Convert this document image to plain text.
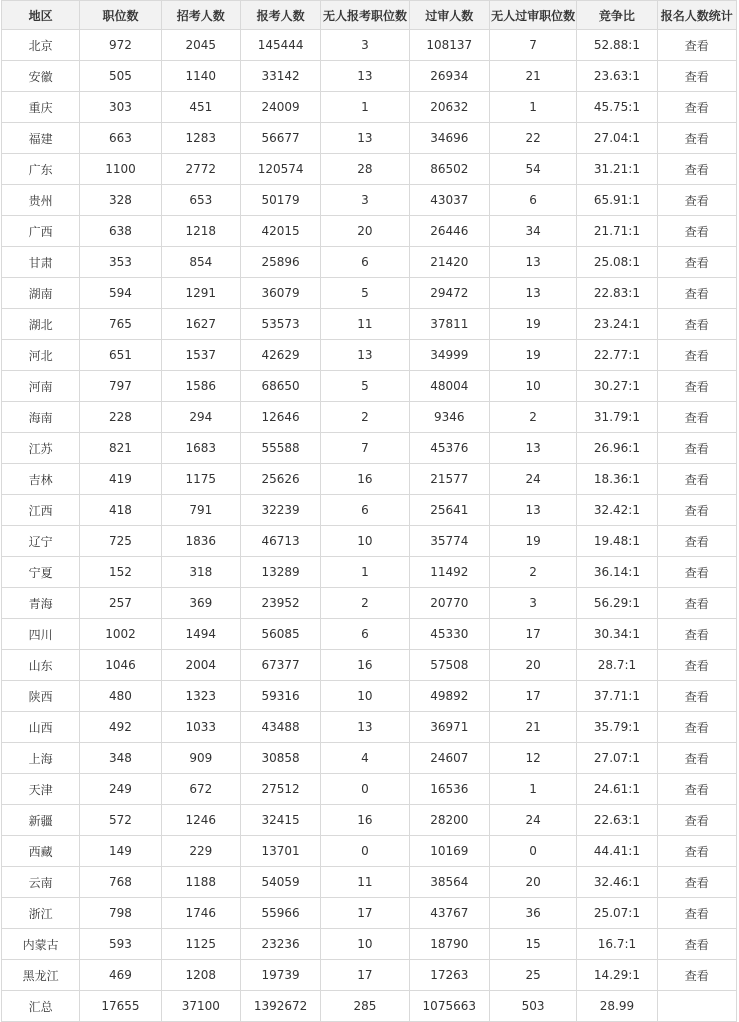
地区	职位数	招考人数	报考人数	无人报考职位数	过审人数	无人过审职位数	竞争比	报名人数统计
北京	972	2045	145444	3	108137	7	52.88:1	查看
安徽	505	1140	33142	13	26934	21	23.63:1	查看
重庆	303	451	24009	1	20632	1	45.75:1	查看
福建	663	1283	56677	13	34696	22	27.04:1	查看
广东	1100	2772	120574	28	86502	54	31.21:1	查看
贵州	328	653	50179	3	43037	6	65.91:1	查看
广西	638	1218	42015	20	26446	34	21.71:1	查看
甘肃	353	854	25896	6	21420	13	25.08:1	查看
湖南	594	1291	36079	5	29472	13	22.83:1	查看
湖北	765	1627	53573	11	37811	19	23.24:1	查看
河北	651	1537	42629	13	34999	19	22.77:1	查看
河南	797	1586	68650	5	48004	10	30.27:1	查看
海南	228	294	12646	2	9346	2	31.79:1	查看
江苏	821	1683	55588	7	45376	13	26.96:1	查看
吉林	419	1175	25626	16	21577	24	18.36:1	查看
江西	418	791	32239	6	25641	13	32.42:1	查看
辽宁	725	1836	46713	10	35774	19	19.48:1	查看
宁夏	152	318	13289	1	11492	2	36.14:1	查看
青海	257	369	23952	2	20770	3	56.29:1	查看
四川	1002	1494	56085	6	45330	17	30.34:1	查看
山东	1046	2004	67377	16	57508	20	28.7:1	查看
陕西	480	1323	59316	10	49892	17	37.71:1	查看
山西	492	1033	43488	13	36971	21	35.79:1	查看
上海	348	909	30858	4	24607	12	27.07:1	查看
天津	249	672	27512	0	16536	1	24.61:1	查看
新疆	572	1246	32415	16	28200	24	22.63:1	查看
西藏	149	229	13701	0	10169	0	44.41:1	查看
云南	768	1188	54059	11	38564	20	32.46:1	查看
浙江	798	1746	55966	17	43767	36	25.07:1	查看
内蒙古	593	1125	23236	10	18790	15	16.7:1	查看
黑龙江	469	1208	19739	17	17263	25	14.29:1	查看
汇总	17655	37100	1392672	285	1075663	503	28.99	
